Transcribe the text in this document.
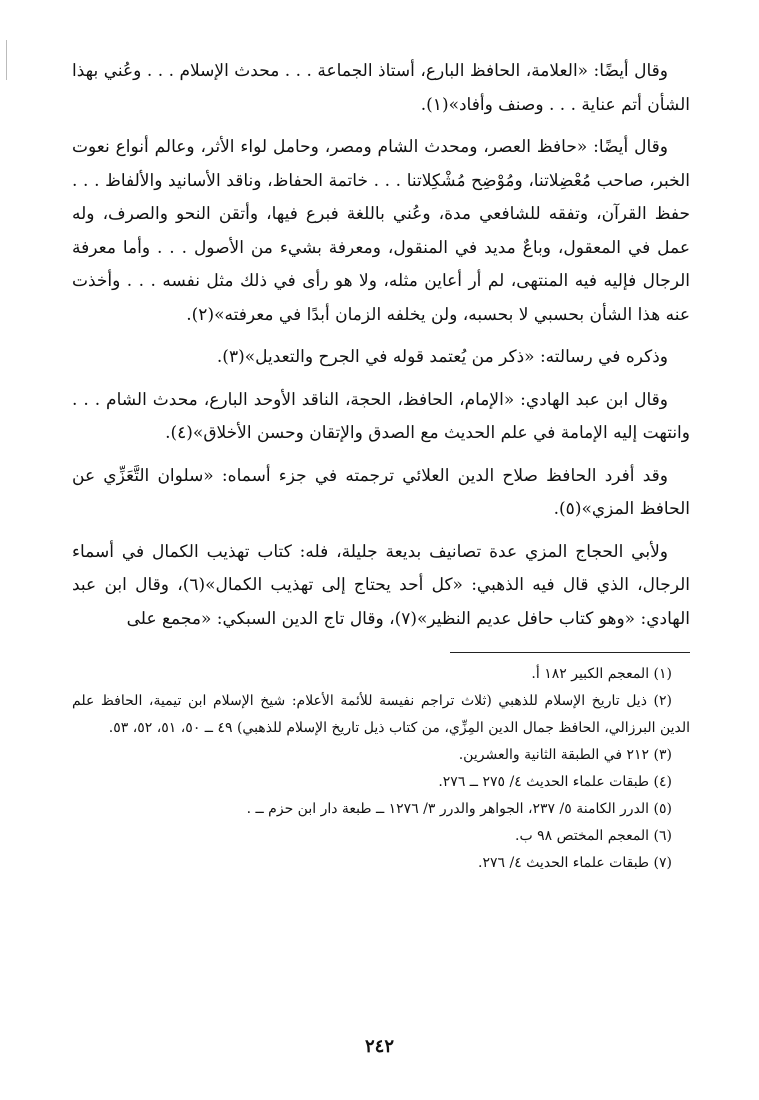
وقال أيضًا: «العلامة، الحافظ البارع، أستاذ الجماعة . . . محدث الإسلام . . . وعُني بهذا الشأن أتم عناية . . . وصنف وأفاد»(١).

وقال أيضًا: «حافظ العصر، ومحدث الشام ومصر، وحامل لواء الأثر، وعالم أنواع نعوت الخبر، صاحب مُعْضِلاتنا، ومُوْضِح مُشْكِلاتنا . . . خاتمة الحفاظ، وناقد الأسانيد والألفاظ . . . حفظ القرآن، وتفقه للشافعي مدة، وعُني باللغة فبرع فيها، وأتقن النحو والصرف، وله عمل في المعقول، وباعٌ مديد في المنقول، ومعرفة بشيء من الأصول . . . وأما معرفة الرجال فإليه فيه المنتهى، لم أر أعاين مثله، ولا هو رأى في ذلك مثل نفسه . . . وأخذت عنه هذا الشأن بحسبي لا بحسبه، ولن يخلفه الزمان أبدًا في معرفته»(٢).

وذكره في رسالته: «ذكر من يُعتمد قوله في الجرح والتعديل»(٣).

وقال ابن عبد الهادي: «الإمام، الحافظ، الحجة، الناقد الأوحد البارع، محدث الشام . . . وانتهت إليه الإمامة في علم الحديث مع الصدق والإتقان وحسن الأخلاق»(٤).

وقد أفرد الحافظ صلاح الدين العلائي ترجمته في جزء أسماه: «سلوان التَّعَزِّي عن الحافظ المزي»(٥).

ولأبي الحجاج المزي عدة تصانيف بديعة جليلة، فله: كتاب تهذيب الكمال في أسماء الرجال، الذي قال فيه الذهبي: «كل أحد يحتاج إلى تهذيب الكمال»(٦)، وقال ابن عبد الهادي: «وهو كتاب حافل عديم النظير»(٧)، وقال تاج الدين السبكي: «مجمع على

(١) المعجم الكبير ١٨٢ أ.

(٢) ذيل تاريخ الإسلام للذهبي (ثلاث تراجم نفيسة للأئمة الأعلام: شيخ الإسلام ابن تيمية، الحافظ علم الدين البرزالي، الحافظ جمال الدين المِزِّي، من كتاب ذيل تاريخ الإسلام للذهبي) ٤٩ ــ ٥٠، ٥١، ٥٢، ٥٣.

(٣) ٢١٢ في الطبقة الثانية والعشرين.

(٤) طبقات علماء الحديث ٤/ ٢٧٥ ــ ٢٧٦.

(٥) الدرر الكامنة ٥/ ٢٣٧، الجواهر والدرر ٣/ ١٢٧٦ ــ طبعة دار ابن حزم ــ .

(٦) المعجم المختص ٩٨ ب.

(٧) طبقات علماء الحديث ٤/ ٢٧٦.

٢٤٢
